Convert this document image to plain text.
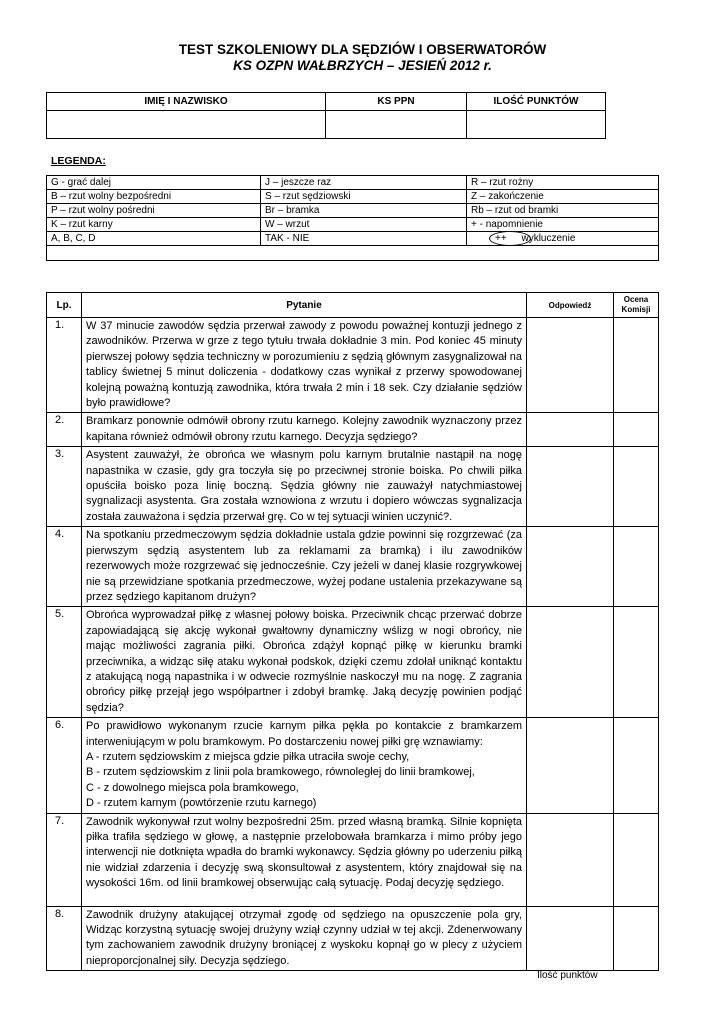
TEST SZKOLENIOWY DLA SĘDZIÓW I OBSERWATORÓW
KS OZPN WAŁBRZYCH – JESIEŃ 2012 r.
IMIĘ I NAZWISKO	KS PPN	ILOŚĆ PUNKTÓW

LEGENDA:
G - grać dalej	J – jeszcze raz	R – rzut rożny
B – rzut wolny bezpośredni	S – rzut sędziowski	Z – zakończenie
P – rzut wolny pośredni	Br – bramka	Rb – rzut od bramki
K – rzut karny	W – wrzut	+ - napomnienie
A, B, C, D	TAK - NIE	++ wykluczenie

Lp.	Pytanie	Odpowiedź	Ocena
Komisji

1.	W 37 minucie zawodów sędzia przerwał zawody z powodu poważnej kontuzji jednego z zawodników. Przerwa w grze z tego tytułu trwała dokładnie 3 min. Pod koniec 45 minuty pierwszej połowy sędzia techniczny w porozumieniu z sędzią głównym zasygnalizował na tablicy świetnej 5 minut doliczenia - dodatkowy czas wynikał z przerwy spowodowanej kolejną poważną kontuzją zawodnika, która trwała 2 min i 18 sek. Czy działanie sędziów było prawidłowe?		
2.	Bramkarz ponownie odmówił obrony rzutu karnego. Kolejny zawodnik wyznaczony przez kapitana również odmówił obrony rzutu karnego. Decyzja sędziego?		
3.	Asystent zauważył, że obrońca we własnym polu karnym brutalnie nastąpił na nogę napastnika w czasie, gdy gra toczyła się po przeciwnej stronie boiska. Po chwili piłka opuściła boisko poza linię boczną. Sędzia główny nie zauważył natychmiastowej sygnalizacji asystenta. Gra została wznowiona z wrzutu i dopiero wówczas sygnalizacja została zauważona i sędzia przerwał grę. Co w tej sytuacji winien uczynić?.		
4.	Na spotkaniu przedmeczowym sędzia dokładnie ustala gdzie powinni się rozgrzewać (za pierwszym sędzią asystentem lub za reklamami za bramką) i ilu zawodników rezerwowych może rozgrzewać się jednocześnie. Czy jeżeli w danej klasie rozgrywkowej nie są przewidziane spotkania przedmeczowe, wyżej podane ustalenia przekazywane są przez sędziego kapitanom drużyn?		
5.	Obrońca wyprowadzał piłkę z własnej połowy boiska. Przeciwnik chcąc przerwać dobrze zapowiadającą się akcję wykonał gwałtowny dynamiczny wślizg w nogi obrońcy, nie mając możliwości zagrania piłki. Obrońca zdążył kopnąć piłkę w kierunku bramki przeciwnika, a widząc siłę ataku wykonał podskok, dzięki czemu zdołał uniknąć kontaktu z atakującą nogą napastnika i w odwecie rozmyślnie naskoczył mu na nogę. Z zagrania obrońcy piłkę przejął jego współpartner i zdobył bramkę. Jaką decyzję powinien podjąć sędzia?		
6.	Po prawidłowo wykonanym rzucie karnym piłka pękła po kontakcie z bramkarzem interweniującym w polu bramkowym. Po dostarczeniu nowej piłki grę wznawiamy:
A - rzutem sędziowskim z miejsca gdzie piłka utraciła swoje cechy,
B - rzutem sędziowskim z linii pola bramkowego, równoległej do linii bramkowej,
C - z dowolnego miejsca pola bramkowego,
D - rzutem karnym (powtórzenie rzutu karnego)		

7.	Zawodnik wykonywał rzut wolny bezpośredni 25m. przed własną bramką. Silnie kopnięta piłka trafiła sędziego w głowę, a następnie przelobowała bramkarza i mimo próby jego interwencji nie dotknięta wpadła do bramki wykonawcy. Sędzia główny po uderzeniu piłką nie widział zdarzenia i decyzję swą skonsultował z asystentem, który znajdował się na wysokości 16m. od linii bramkowej obserwując całą sytuację. Podaj decyzję sędziego.		
8.	Zawodnik drużyny atakującej otrzymał zgodę od sędziego na opuszczenie pola gry, Widząc korzystną sytuację swojej drużyny wziął czynny udział w tej akcji. Zdenerwowany tym zachowaniem zawodnik drużyny broniącej z wyskoku kopnął go w plecy z użyciem nieproporcjonalnej siły. Decyzja sędziego.		
Ilość punktów
